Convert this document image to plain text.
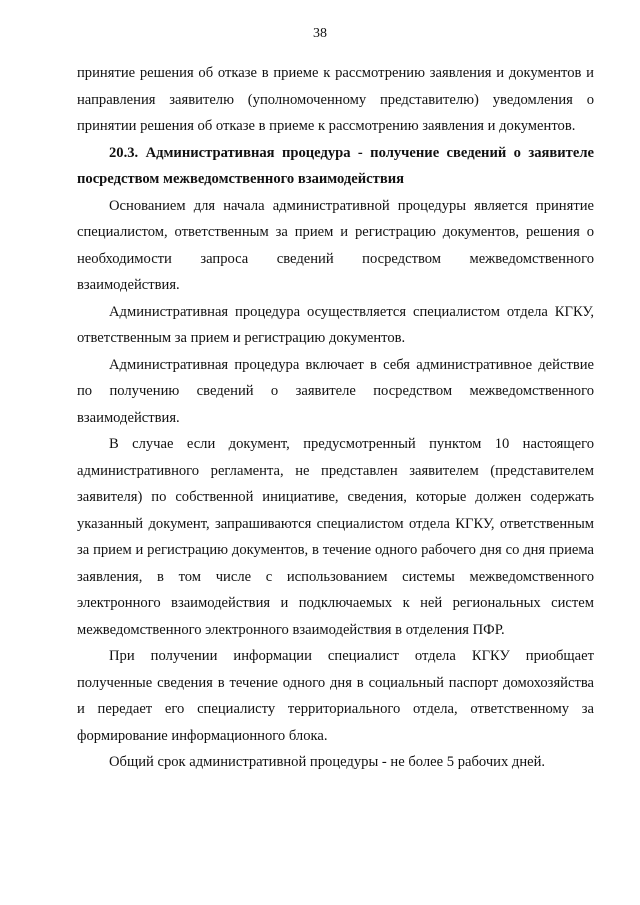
38

принятие решения об отказе в приеме к рассмотрению заявления и документов и направления заявителю (уполномоченному представителю) уведомления о принятии решения об отказе в приеме к рассмотрению заявления и документов.

20.3. Административная процедура - получение сведений о заявителе посредством межведомственного взаимодействия

Основанием для начала административной процедуры является принятие специалистом, ответственным за прием и регистрацию документов, решения о необходимости запроса сведений посредством межведомственного взаимодействия.

Административная процедура осуществляется специалистом отдела КГКУ, ответственным за прием и регистрацию документов.

Административная процедура включает в себя административное действие по получению сведений о заявителе посредством межведомственного взаимодействия.

В случае если документ, предусмотренный пунктом 10 настоящего административного регламента, не представлен заявителем (представителем заявителя) по собственной инициативе, сведения, которые должен содержать указанный документ, запрашиваются специалистом отдела КГКУ, ответственным за прием и регистрацию документов, в течение одного рабочего дня со дня приема заявления, в том числе с использованием системы межведомственного электронного взаимодействия и подключаемых к ней региональных систем межведомственного электронного взаимодействия в отделения ПФР.

При получении информации специалист отдела КГКУ приобщает полученные сведения в течение одного дня в социальный паспорт домохозяйства и передает его специалисту территориального отдела, ответственному за формирование информационного блока.

Общий срок административной процедуры - не более 5 рабочих дней.
